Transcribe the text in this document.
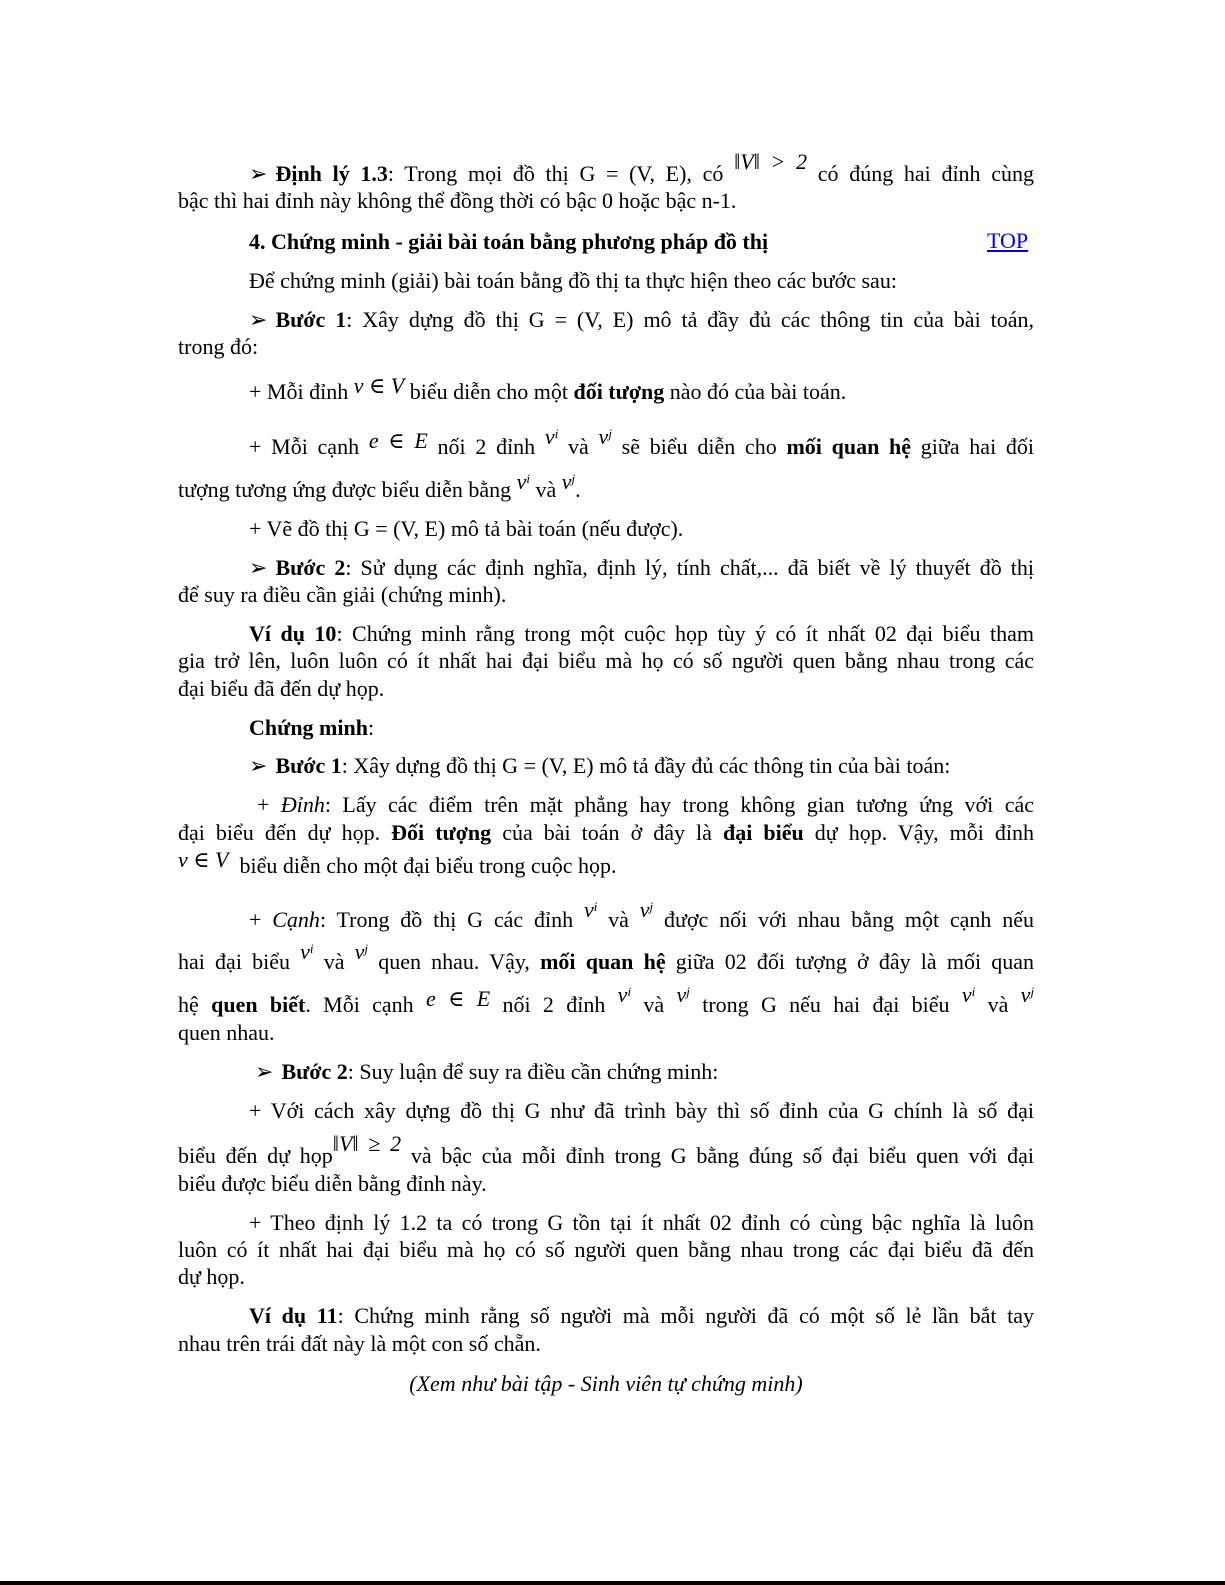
➢ Định lý 1.3: Trong mọi đồ thị G = (V, E), có ‖V‖ > 2 có đúng hai đỉnh cùng
bậc thì hai đỉnh này không thể đồng thời có bậc 0 hoặc bậc n-1.
4. Chứng minh - giải bài toán bằng phương pháp đồ thị	TOP
Để chứng minh (giải) bài toán bằng đồ thị ta thực hiện theo các bước sau:
➢ Bước 1: Xây dựng đồ thị G = (V, E) mô tả đầy đủ các thông tin của bài toán,
trong đó:
+ Mỗi đỉnh v ∈ V biểu diễn cho một đối tượng nào đó của bài toán.
+ Mỗi cạnh e ∈ E nối 2 đỉnh $v^i$ và $v^j$ sẽ biểu diễn cho mối quan hệ giữa hai đối
tượng tương ứng được biểu diễn bằng $v^i$ và $v^j$.
+ Vẽ đồ thị G = (V, E) mô tả bài toán (nếu được).
➢ Bước 2: Sử dụng các định nghĩa, định lý, tính chất,... đã biết về lý thuyết đồ thị
để suy ra điều cần giải (chứng minh).
Ví dụ 10: Chứng minh rằng trong một cuộc họp tùy ý có ít nhất 02 đại biểu tham
gia trở lên, luôn luôn có ít nhất hai đại biểu mà họ có số người quen bằng nhau trong các
đại biểu đã đến dự họp.
Chứng minh:
➢ Bước 1: Xây dựng đồ thị G = (V, E) mô tả đầy đủ các thông tin của bài toán:
+ Đỉnh: Lấy các điểm trên mặt phẳng hay trong không gian tương ứng với các
đại biểu đến dự họp. Đối tượng của bài toán ở đây là đại biểu dự họp. Vậy, mỗi đỉnh
v ∈ V biểu diễn cho một đại biểu trong cuộc họp.
+ Cạnh: Trong đồ thị G các đỉnh $v^i$ và $v^j$ được nối với nhau bằng một cạnh nếu
hai đại biểu $v^i$ và $v^j$ quen nhau. Vậy, mối quan hệ giữa 02 đối tượng ở đây là mối quan
hệ quen biết. Mỗi cạnh e ∈ E nối 2 đỉnh $v^i$ và $v^j$ trong G nếu hai đại biểu $v^i$ và $v^j$
quen nhau.
➢ Bước 2: Suy luận để suy ra điều cần chứng minh:
+ Với cách xây dựng đồ thị G như đã trình bày thì số đỉnh của G chính là số đại
biểu đến dự họp‖V‖ ≥ 2 và bậc của mỗi đỉnh trong G bằng đúng số đại biểu quen với đại
biểu được biểu diễn bằng đỉnh này.
+ Theo định lý 1.2 ta có trong G tồn tại ít nhất 02 đỉnh có cùng bậc nghĩa là luôn
luôn có ít nhất hai đại biểu mà họ có số người quen bằng nhau trong các đại biểu đã đến
dự họp.
Ví dụ 11: Chứng minh rằng số người mà mỗi người đã có một số lẻ lần bắt tay
nhau trên trái đất này là một con số chẵn.
(Xem như bài tập - Sinh viên tự chứng minh)
